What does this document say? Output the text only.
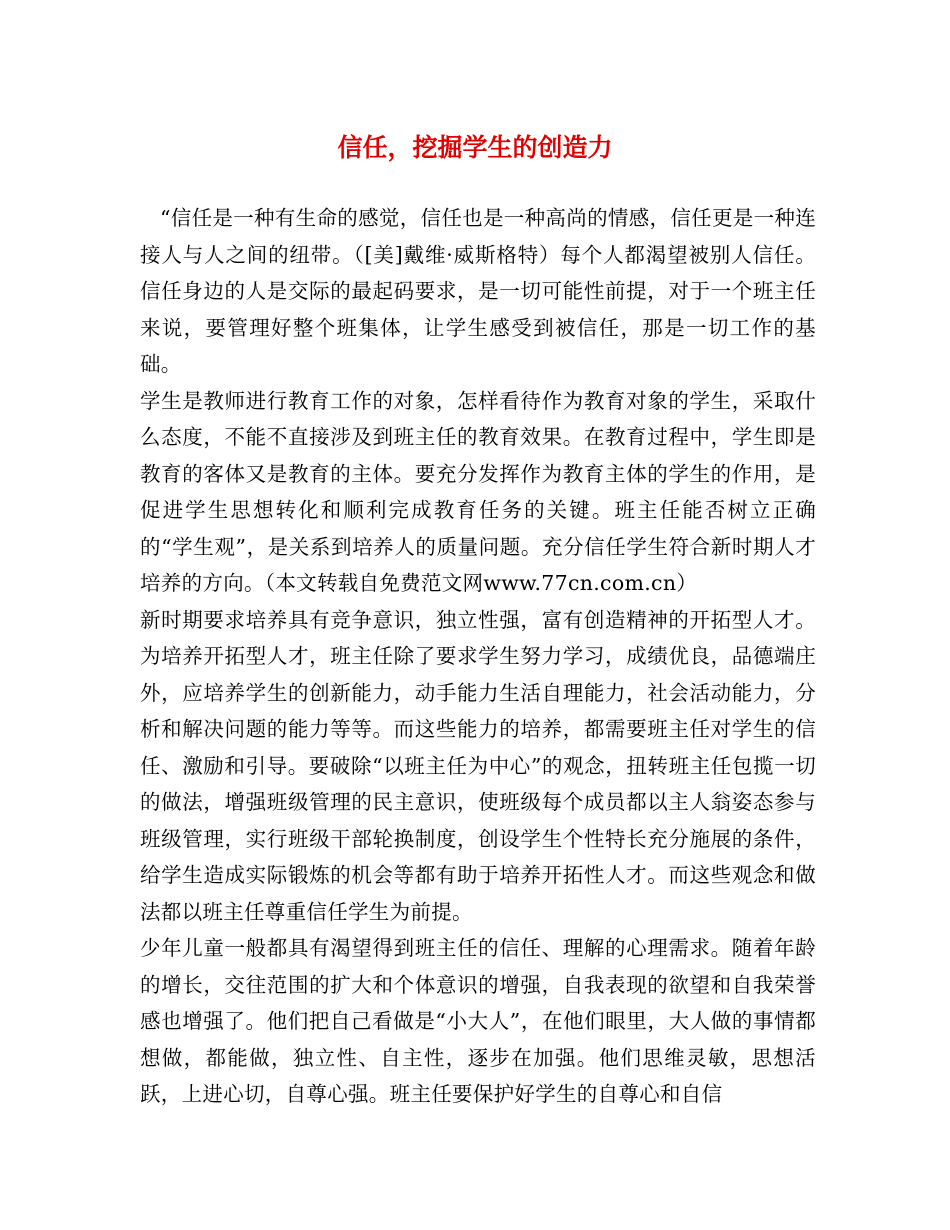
信任，挖掘学生的创造力

“信任是一种有生命的感觉，信任也是一种高尚的情感，信任更是一种连接人与人之间的纽带。（[美]戴维·威斯格特）每个人都渴望被别人信任。信任身边的人是交际的最起码要求，是一切可能性前提，对于一个班主任来说，要管理好整个班集体，让学生感受到被信任，那是一切工作的基础。

学生是教师进行教育工作的对象，怎样看待作为教育对象的学生，采取什么态度，不能不直接涉及到班主任的教育效果。在教育过程中，学生即是教育的客体又是教育的主体。要充分发挥作为教育主体的学生的作用，是促进学生思想转化和顺利完成教育任务的关键。班主任能否树立正确的“学生观”，是关系到培养人的质量问题。充分信任学生符合新时期人才培养的方向。（本文转载自免费范文网www.77cn.com.cn）

新时期要求培养具有竞争意识，独立性强，富有创造精神的开拓型人才。为培养开拓型人才，班主任除了要求学生努力学习，成绩优良，品德端庄外，应培养学生的创新能力，动手能力生活自理能力，社会活动能力，分析和解决问题的能力等等。而这些能力的培养，都需要班主任对学生的信任、激励和引导。要破除“以班主任为中心”的观念，扭转班主任包揽一切的做法，增强班级管理的民主意识，使班级每个成员都以主人翁姿态参与班级管理，实行班级干部轮换制度，创设学生个性特长充分施展的条件，给学生造成实际锻炼的机会等都有助于培养开拓性人才。而这些观念和做法都以班主任尊重信任学生为前提。

少年儿童一般都具有渴望得到班主任的信任、理解的心理需求。随着年龄的增长，交往范围的扩大和个体意识的增强，自我表现的欲望和自我荣誉感也增强了。他们把自己看做是“小大人”，在他们眼里，大人做的事情都想做，都能做，独立性、自主性，逐步在加强。他们思维灵敏，思想活跃，上进心切，自尊心强。班主任要保护好学生的自尊心和自信
